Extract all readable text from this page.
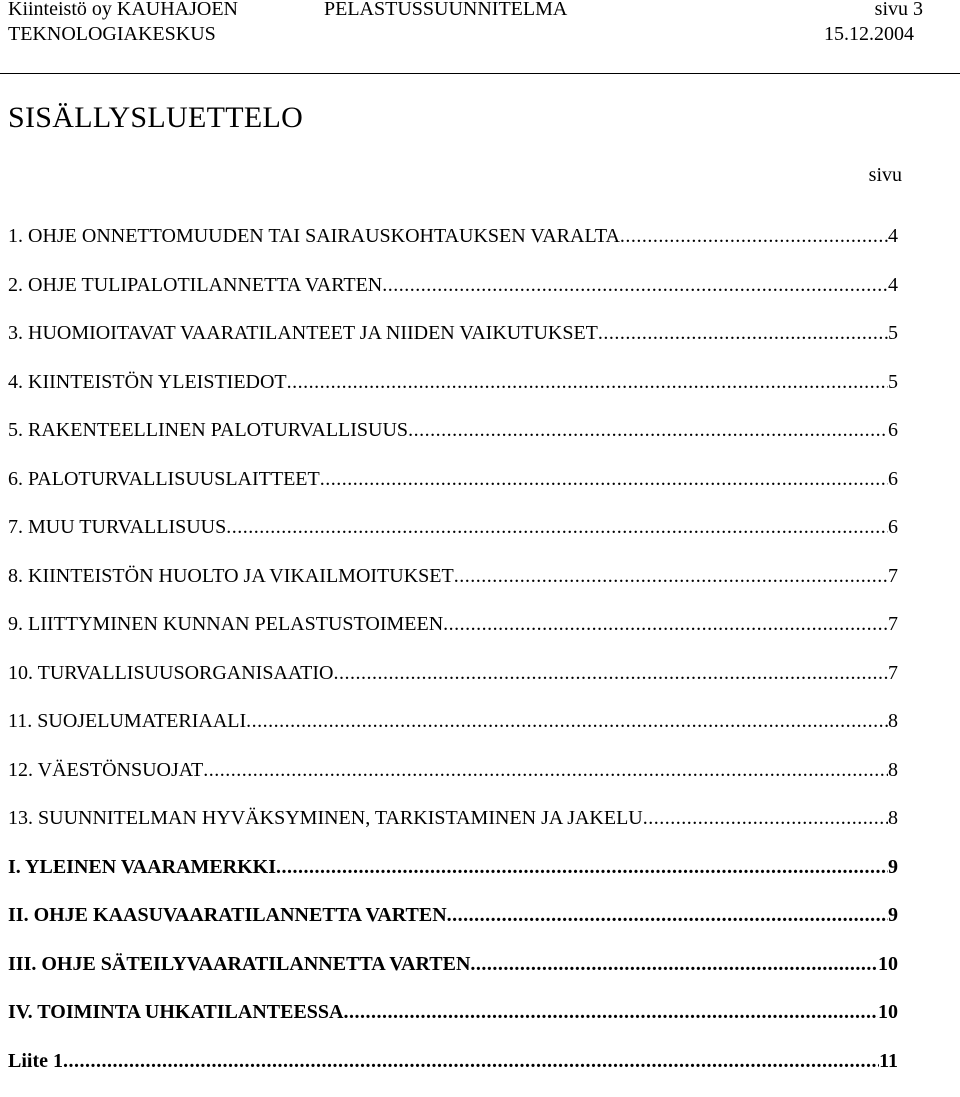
Kiinteistö oy KAUHAJOEN	PELASTUSSUUNNITELMA	sivu 3
TEKNOLOGIAKESKUS	15.12.2004
SISÄLLYSLUETTELO
sivu
1. OHJE ONNETTOMUUDEN TAI SAIRAUSKOHTAUKSEN VARALTA .....	4
2. OHJE TULIPALOTILANNETTA VARTEN .....	4
3. HUOMIOITAVAT VAARATILANTEET JA NIIDEN VAIKUTUKSET .....	5
4. KIINTEISTÖN YLEISTIEDOT .....	5
5. RAKENTEELLINEN PALOTURVALLISUUS .....	6
6. PALOTURVALLISUUSLAITTEET .....	6
7. MUU TURVALLISUUS .....	6
8. KIINTEISTÖN HUOLTO JA VIKAILMOITUKSET .....	7
9. LIITTYMINEN KUNNAN PELASTUSTOIMEEN .....	7
10. TURVALLISUUSORGANISAATIO .....	7
11. SUOJELUMATERIAALI .....	8
12. VÄESTÖNSUOJAT .....	8
13. SUUNNITELMAN HYVÄKSYMINEN, TARKISTAMINEN JA JAKELU .....	8
I. YLEINEN VAARAMERKKI .....	9
II. OHJE KAASUVAARATILANNETTA VARTEN .....	9
III. OHJE SÄTEILYVAARATILANNETTA VARTEN .....	10
IV. TOIMINTA UHKATILANTEESSA .....	10
Liite 1 .....	11
